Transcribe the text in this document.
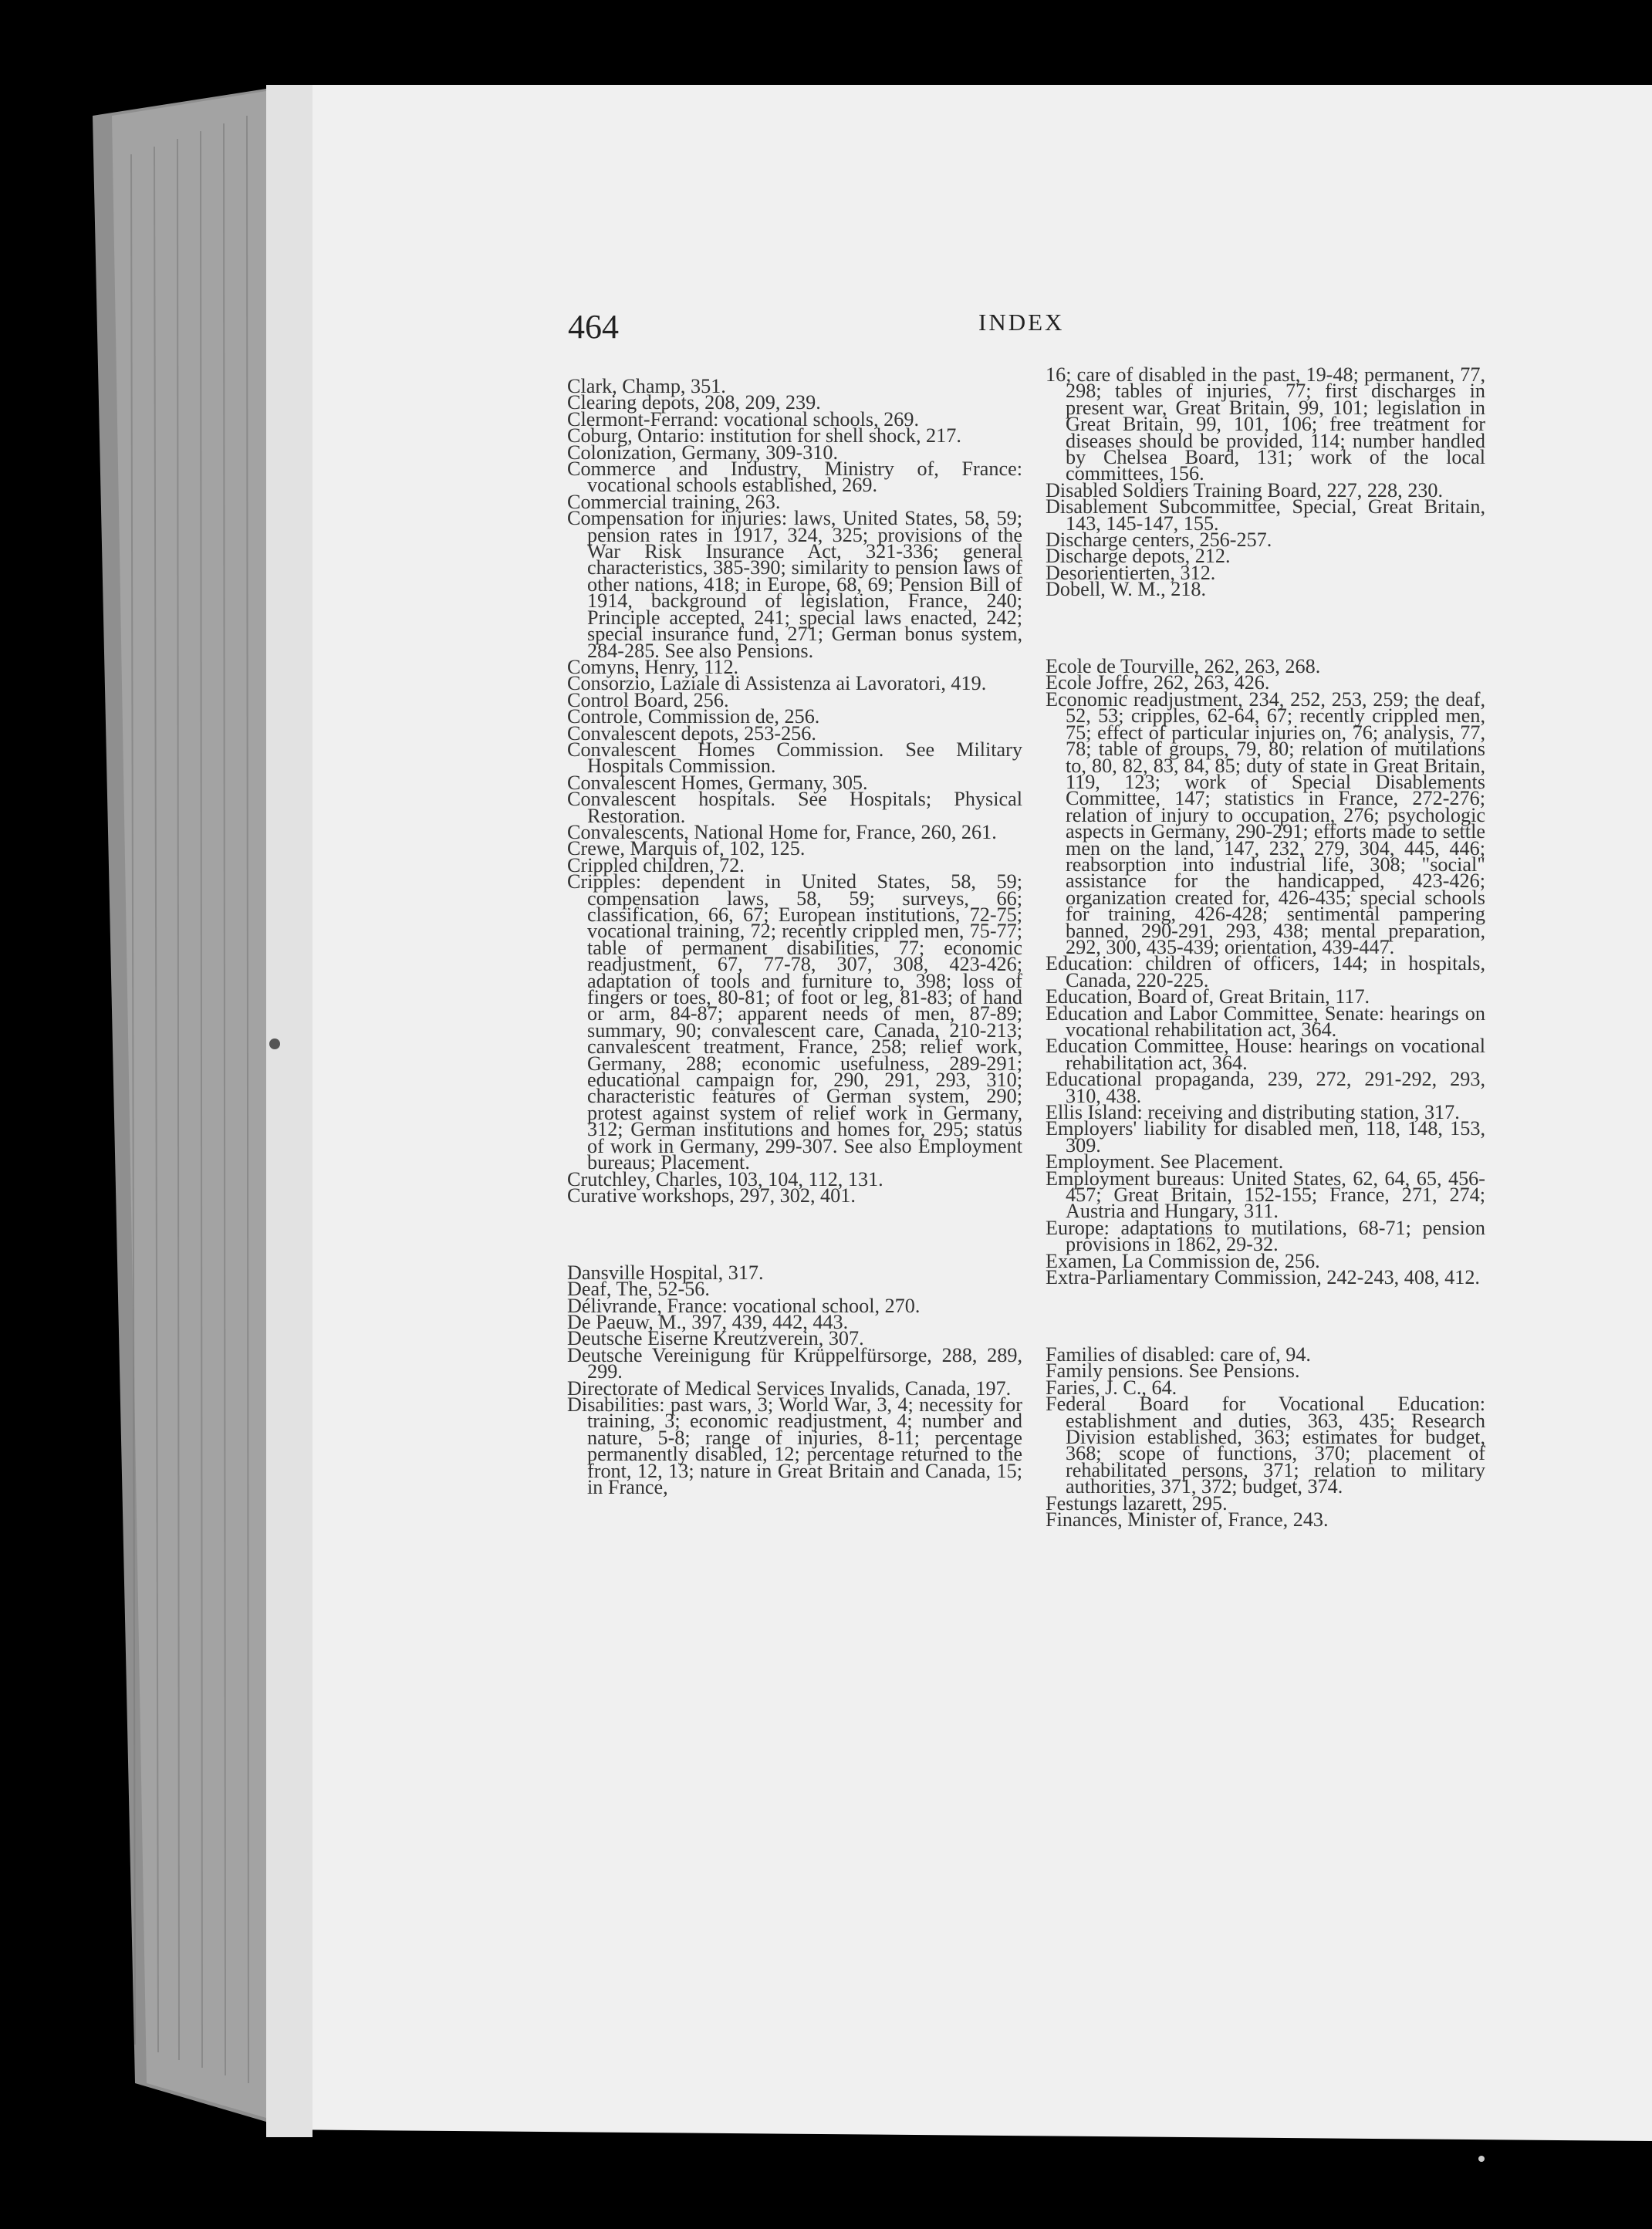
464	INDEX

Clark, Champ, 351.

Clearing depots, 208, 209, 239.

Clermont-Ferrand: vocational schools, 269.

Coburg, Ontario: institution for shell shock, 217.

Colonization, Germany, 309-310.

Commerce and Industry, Ministry of, France: vocational schools established, 269.

Commercial training, 263.

Compensation for injuries: laws, United States, 58, 59; pension rates in 1917, 324, 325; provisions of the War Risk Insurance Act, 321-336; general characteristics, 385-390; similarity to pension laws of other nations, 418; in Europe, 68, 69; Pension Bill of 1914, background of legislation, France, 240; Principle accepted, 241; special laws enacted, 242; special insurance fund, 271; German bonus system, 284-285. See also Pensions.

Comyns, Henry, 112.

Consorzio, Laziale di Assistenza ai Lavoratori, 419.

Control Board, 256.

Controle, Commission de, 256.

Convalescent depots, 253-256.

Convalescent Homes Commission. See Military Hospitals Commission.

Convalescent Homes, Germany, 305.

Convalescent hospitals. See Hospitals; Physical Restoration.

Convalescents, National Home for, France, 260, 261.

Crewe, Marquis of, 102, 125.

Crippled children, 72.

Cripples: dependent in United States, 58, 59; compensation laws, 58, 59; surveys, 66; classification, 66, 67; European institutions, 72-75; vocational training, 72; recently crippled men, 75-77; table of permanent disabilities, 77; economic readjustment, 67, 77-78, 307, 308, 423-426; adaptation of tools and furniture to, 398; loss of fingers or toes, 80-81; of foot or leg, 81-83; of hand or arm, 84-87; apparent needs of men, 87-89; summary, 90; convalescent care, Canada, 210-213; canvalescent treatment, France, 258; relief work, Germany, 288; economic usefulness, 289-291; educational campaign for, 290, 291, 293, 310; characteristic features of German system, 290; protest against system of relief work in Germany, 312; German institutions and homes for, 295; status of work in Germany, 299-307. See also Employment bureaus; Placement.

Crutchley, Charles, 103, 104, 112, 131.

Curative workshops, 297, 302, 401.

Dansville Hospital, 317.

Deaf, The, 52-56.

Délivrande, France: vocational school, 270.

De Paeuw, M., 397, 439, 442, 443.

Deutsche Eiserne Kreutzverein, 307.

Deutsche Vereinigung für Krüppelfürsorge, 288, 289, 299.

Directorate of Medical Services Invalids, Canada, 197.

Disabilities: past wars, 3; World War, 3, 4; necessity for training, 3; economic readjustment, 4; number and nature, 5-8; range of injuries, 8-11; percentage permanently disabled, 12; percentage returned to the front, 12, 13; nature in Great Britain and Canada, 15; in France,

16; care of disabled in the past, 19-48; permanent, 77, 298; tables of injuries, 77; first discharges in present war, Great Britain, 99, 101; legislation in Great Britain, 99, 101, 106; free treatment for diseases should be provided, 114; number handled by Chelsea Board, 131; work of the local committees, 156.

Disabled Soldiers Training Board, 227, 228, 230.

Disablement Subcommittee, Special, Great Britain, 143, 145-147, 155.

Discharge centers, 256-257.

Discharge depots, 212.

Desorientierten, 312.

Dobell, W. M., 218.

Ecole de Tourville, 262, 263, 268.

Ecole Joffre, 262, 263, 426.

Economic readjustment, 234, 252, 253, 259; the deaf, 52, 53; cripples, 62-64, 67; recently crippled men, 75; effect of particular injuries on, 76; analysis, 77, 78; table of groups, 79, 80; relation of mutilations to, 80, 82, 83, 84, 85; duty of state in Great Britain, 119, 123; work of Special Disablements Committee, 147; statistics in France, 272-276; relation of injury to occupation, 276; psychologic aspects in Germany, 290-291; efforts made to settle men on the land, 147, 232, 279, 304, 445, 446; reabsorption into industrial life, 308; "social" assistance for the handicapped, 423-426; organization created for, 426-435; special schools for training, 426-428; sentimental pampering banned, 290-291, 293, 438; mental preparation, 292, 300, 435-439; orientation, 439-447.

Education: children of officers, 144; in hospitals, Canada, 220-225.

Education, Board of, Great Britain, 117.

Education and Labor Committee, Senate: hearings on vocational rehabilitation act, 364.

Education Committee, House: hearings on vocational rehabilitation act, 364.

Educational propaganda, 239, 272, 291-292, 293, 310, 438.

Ellis Island: receiving and distributing station, 317.

Employers' liability for disabled men, 118, 148, 153, 309.

Employment. See Placement.

Employment bureaus: United States, 62, 64, 65, 456-457; Great Britain, 152-155; France, 271, 274; Austria and Hungary, 311.

Europe: adaptations to mutilations, 68-71; pension provisions in 1862, 29-32.

Examen, La Commission de, 256.

Extra-Parliamentary Commission, 242-243, 408, 412.

Families of disabled: care of, 94.

Family pensions. See Pensions.

Faries, J. C., 64.

Federal Board for Vocational Education: establishment and duties, 363, 435; Research Division established, 363; estimates for budget, 368; scope of functions, 370; placement of rehabilitated persons, 371; relation to military authorities, 371, 372; budget, 374.

Festungs lazarett, 295.

Finances, Minister of, France, 243.
